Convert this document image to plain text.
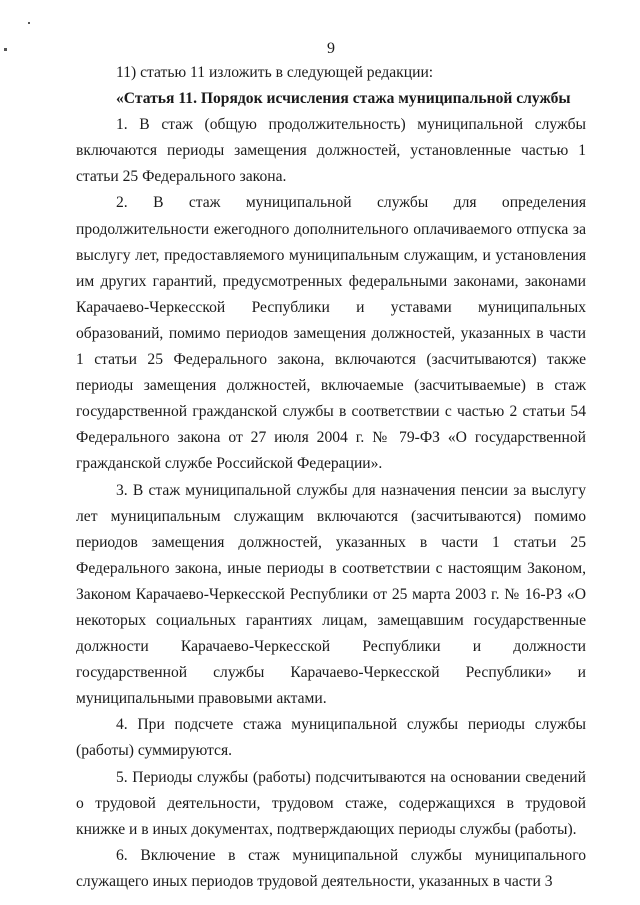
9

11) статью 11 изложить в следующей редакции:

«Статья 11. Порядок исчисления стажа муниципальной службы

1. В стаж (общую продолжительность) муниципальной службы включаются периоды замещения должностей, установленные частью 1 статьи 25 Федерального закона.

2. В стаж муниципальной службы для определения продолжительности ежегодного дополнительного оплачиваемого отпуска за выслугу лет, предоставляемого муниципальным служащим, и установления им других гарантий, предусмотренных федеральными законами, законами Карачаево-Черкесской Республики и уставами муниципальных образований, помимо периодов замещения должностей, указанных в части 1 статьи 25 Федерального закона, включаются (засчитываются) также периоды замещения должностей, включаемые (засчитываемые) в стаж государственной гражданской службы в соответствии с частью 2 статьи 54 Федерального закона от 27 июля 2004 г. № 79-ФЗ «О государственной гражданской службе Российской Федерации».

3. В стаж муниципальной службы для назначения пенсии за выслугу лет муниципальным служащим включаются (засчитываются) помимо периодов замещения должностей, указанных в части 1 статьи 25 Федерального закона, иные периоды в соответствии с настоящим Законом, Законом Карачаево-Черкесской Республики от 25 марта 2003 г. № 16-РЗ «О некоторых социальных гарантиях лицам, замещавшим государственные должности Карачаево-Черкесской Республики и должности государственной службы Карачаево-Черкесской Республики» и муниципальными правовыми актами.

4. При подсчете стажа муниципальной службы периоды службы (работы) суммируются.

5. Периоды службы (работы) подсчитываются на основании сведений о трудовой деятельности, трудовом стаже, содержащихся в трудовой книжке и в иных документах, подтверждающих периоды службы (работы).

6. Включение в стаж муниципальной службы муниципального служащего иных периодов трудовой деятельности, указанных в части 3
